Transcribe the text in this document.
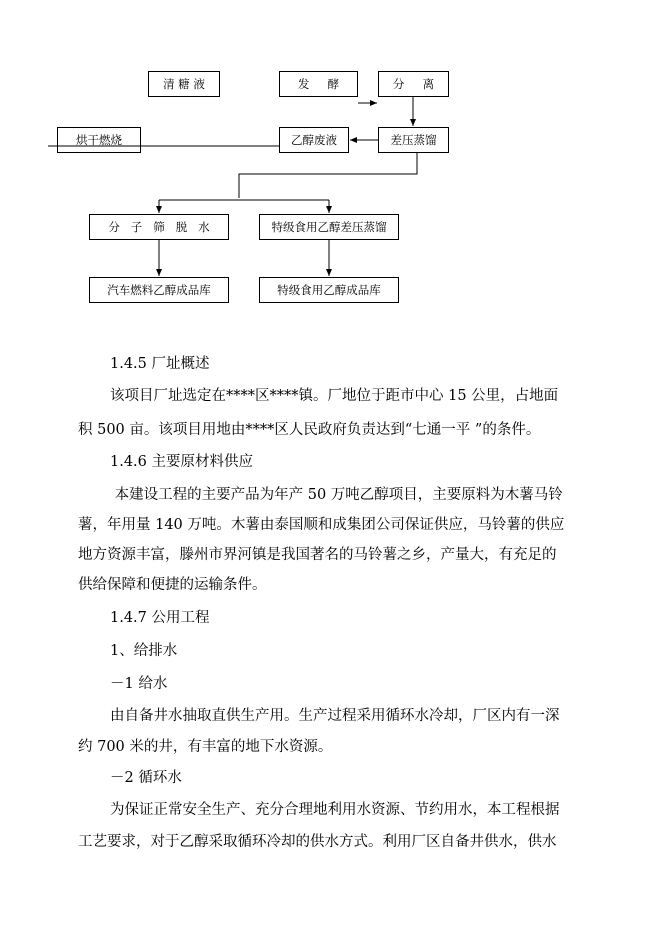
清 糖 液	发     酵	分     离
烘干燃烧	乙醇废液	差压蒸馏
分   子   筛   脱   水	特级食用乙醇差压蒸馏
汽车燃料乙醇成品库	特级食用乙醇成品库
1.4.5 厂址概述
该项目厂址选定在****区****镇。厂地位于距市中心 15 公里，占地面
积 500 亩。该项目用地由****区人民政府负责达到“七通一平 ”的条件。
1.4.6 主要原材料供应
本建设工程的主要产品为年产 50 万吨乙醇项目，主要原料为木薯马铃
薯，年用量 140 万吨。木薯由泰国顺和成集团公司保证供应，马铃薯的供应
地方资源丰富，滕州市界河镇是我国著名的马铃薯之乡，产量大，有充足的
供给保障和便捷的运输条件。
1.4.7 公用工程
1、给排水
－1 给水
由自备井水抽取直供生产用。生产过程采用循环水冷却，厂区内有一深
约 700 米的井，有丰富的地下水资源。
－2 循环水
为保证正常安全生产、充分合理地利用水资源、节约用水，本工程根据
工艺要求，对于乙醇采取循环冷却的供水方式。利用厂区自备井供水，供水
